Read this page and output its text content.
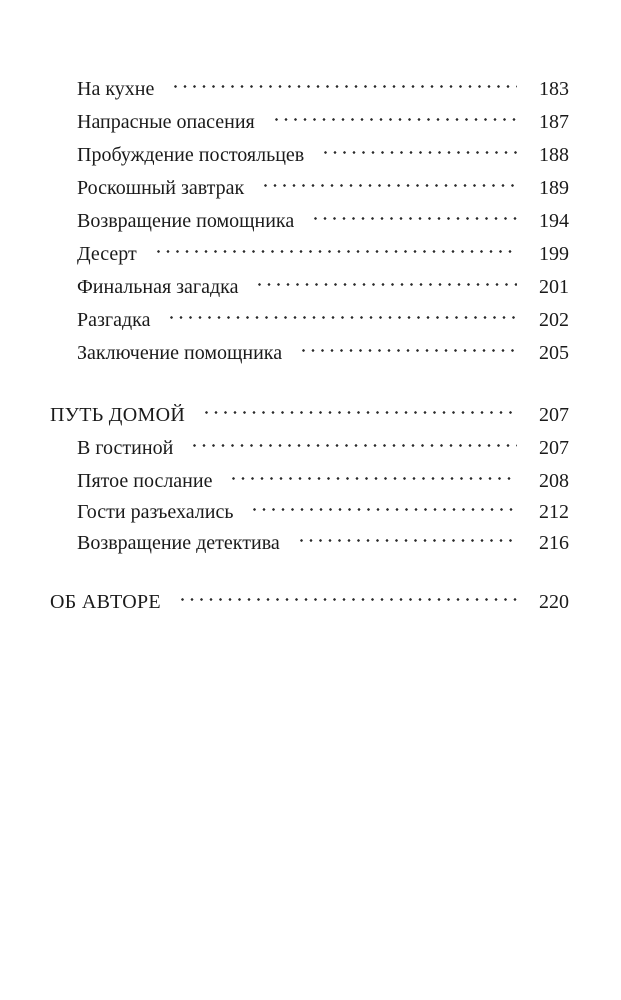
На кухне	183
Напрасные опасения	187
Пробуждение постояльцев	188
Роскошный завтрак	189
Возвращение помощника	194
Десерт	199
Финальная загадка	201
Разгадка	202
Заключение помощника	205
ПУТЬ ДОМОЙ	207
В гостиной	207
Пятое послание	208
Гости разъехались	212
Возвращение детектива	216
ОБ АВТОРЕ	220
